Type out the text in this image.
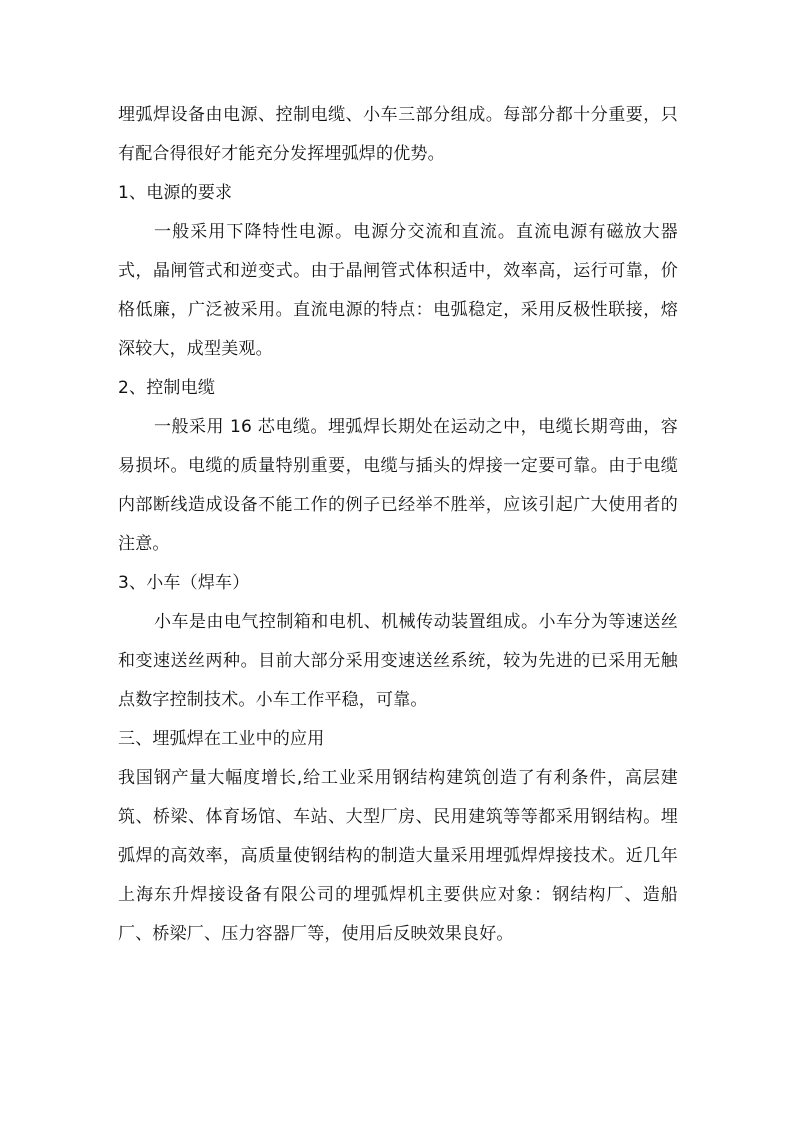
埋弧焊设备由电源、控制电缆、小车三部分组成。每部分都十分重要，只有配合得很好才能充分发挥埋弧焊的优势。

1、电源的要求

一般采用下降特性电源。电源分交流和直流。直流电源有磁放大器式，晶闸管式和逆变式。由于晶闸管式体积适中，效率高，运行可靠，价格低廉，广泛被采用。直流电源的特点：电弧稳定，采用反极性联接，熔深较大，成型美观。

2、控制电缆

一般采用 16 芯电缆。埋弧焊长期处在运动之中，电缆长期弯曲，容易损坏。电缆的质量特别重要，电缆与插头的焊接一定要可靠。由于电缆内部断线造成设备不能工作的例子已经举不胜举，应该引起广大使用者的注意。

3、小车（焊车）

小车是由电气控制箱和电机、机械传动装置组成。小车分为等速送丝和变速送丝两种。目前大部分采用变速送丝系统，较为先进的已采用无触点数字控制技术。小车工作平稳，可靠。

三、埋弧焊在工业中的应用

我国钢产量大幅度增长,给工业采用钢结构建筑创造了有利条件，高层建筑、桥梁、体育场馆、车站、大型厂房、民用建筑等等都采用钢结构。埋弧焊的高效率，高质量使钢结构的制造大量采用埋弧焊焊接技术。近几年上海东升焊接设备有限公司的埋弧焊机主要供应对象：钢结构厂、造船厂、桥梁厂、压力容器厂等，使用后反映效果良好。
